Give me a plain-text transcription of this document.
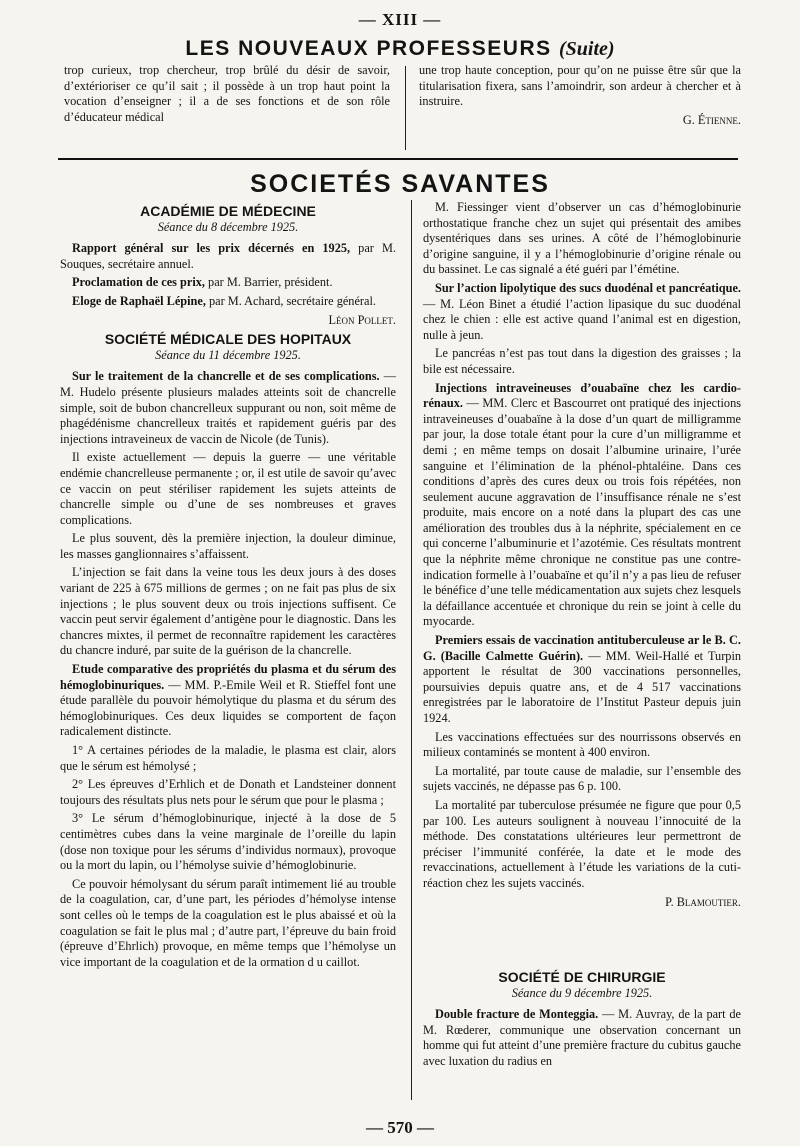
— XIII —
LES NOUVEAUX PROFESSEURS (Suite)

trop curieux, trop chercheur, trop brûlé du désir de savoir, d’extérioriser ce qu’il sait ; il possède à un trop haut point la vocation d’enseigner ; il a de ses fonctions et de son rôle d’éducateur médical

une trop haute conception, pour qu’on ne puisse être sûr que la titularisation fixera, sans l’amoindrir, son ardeur à chercher et à instruire.

G. Étienne.
SOCIETÉS SAVANTES
ACADÉMIE DE MÉDECINE
Séance du 8 décembre 1925.

Rapport général sur les prix décernés en 1925, par M. Souques, secrétaire annuel.

Proclamation de ces prix, par M. Barrier, président.

Eloge de Raphaël Lépine, par M. Achard, secrétaire général.

Léon Pollet.
SOCIÉTÉ MÉDICALE DES HOPITAUX
Séance du 11 décembre 1925.

Sur le traitement de la chancrelle et de ses complications. — M. Hudelo présente plusieurs malades atteints soit de chancrelle simple, soit de bubon chancrelleux suppurant ou non, soit même de phagédénisme chancrelleux traités et rapidement guéris par des injections intraveineux de vaccin de Nicole (de Tunis).

Il existe actuellement — depuis la guerre — une véritable endémie chancrelleuse permanente ; or, il est utile de savoir qu’avec ce vaccin on peut stériliser rapidement les sujets atteints de chancrelle simple ou d’une de ses nombreuses et graves complications.

Le plus souvent, dès la première injection, la douleur diminue, les masses ganglionnaires s’affaissent.

L’injection se fait dans la veine tous les deux jours à des doses variant de 225 à 675 millions de germes ; on ne fait pas plus de six injections ; le plus souvent deux ou trois injections suffisent. Ce vaccin peut servir également d’antigène pour le diagnostic. Dans les chancres mixtes, il permet de reconnaître rapidement les caractères du chancre induré, par suite de la guérison de la chancrelle.

Etude comparative des propriétés du plasma et du sérum des hémoglobinuriques. — MM. P.-Emile Weil et R. Stieffel font une étude parallèle du pouvoir hémolytique du plasma et du sérum des hémoglobinuriques. Ces deux liquides se comportent de façon radicalement distincte.

1° A certaines périodes de la maladie, le plasma est clair, alors que le sérum est hémolysé ;

2° Les épreuves d’Erhlich et de Donath et Landsteiner donnent toujours des résultats plus nets pour le sérum que pour le plasma ;

3° Le sérum d’hémoglobinurique, injecté à la dose de 5 centimètres cubes dans la veine marginale de l’oreille du lapin (dose non toxique pour les sérums d’individus normaux), provoque ou la mort du lapin, ou l’hémolyse suivie d’hémoglobinurie.

Ce pouvoir hémolysant du sérum paraît intimement lié au trouble de la coagulation, car, d’une part, les périodes d’hémolyse intense sont celles où le temps de la coagulation est le plus abaissé et où la coagulation se fait le plus mal ; d’autre part, l’épreuve du bain froid (épreuve d’Ehrlich) provoque, en même temps que l’hémolyse un vice important de la coagulation et de la ormation d u caillot.

M. Fiessinger vient d’observer un cas d’hémoglobinurie orthostatique franche chez un sujet qui présentait des amibes dysentériques dans ses urines. A côté de l’hémoglobinurie d’origine sanguine, il y a l’hémoglobinurie d’origine rénale ou du bassinet. Le cas signalé a été guéri par l’émétine.

Sur l’action lipolytique des sucs duodénal et pancréatique. — M. Léon Binet a étudié l’action lipasique du suc duodénal chez le chien : elle est active quand l’animal est en digestion, nulle à jeun.

Le pancréas n’est pas tout dans la digestion des graisses ; la bile est nécessaire.

Injections intraveineuses d’ouabaïne chez les cardio-rénaux. — MM. Clerc et Bascourret ont pratiqué des injections intraveineuses d’ouabaïne à la dose d’un quart de milligramme par jour, la dose totale étant pour la cure d’un milligramme et demi ; en même temps on dosait l’albumine urinaire, l’urée sanguine et l’élimination de la phénol-phtaléine. Dans ces conditions d’après des cures deux ou trois fois répétées, non seulement aucune aggravation de l’insuffisance rénale ne s’est produite, mais encore on a noté dans la plupart des cas une amélioration des troubles dus à la néphrite, spécialement en ce qui concerne l’albuminurie et l’azotémie. Ces résultats montrent que la néphrite même chronique ne constitue pas une contre-indication formelle à l’ouabaïne et qu’il n’y a pas lieu de refuser le bénéfice d’une telle médicamentation aux sujets chez lesquels la défaillance accentuée et chronique du rein se joint à celle du myocarde.

Premiers essais de vaccination antituberculeuse ar le B. C. G. (Bacille Calmette Guérin). — MM. Weil-Hallé et Turpin apportent le résultat de 300 vaccinations personnelles, poursuivies depuis quatre ans, et de 4 517 vaccinations enregistrées par le laboratoire de l’Institut Pasteur depuis juin 1924.

Les vaccinations effectuées sur des nourrissons observés en milieux contaminés se montent à 400 environ.

La mortalité, par toute cause de maladie, sur l’ensemble des sujets vaccinés, ne dépasse pas 6 p. 100.

La mortalité par tuberculose présumée ne figure que pour 0,5 par 100. Les auteurs soulignent à nouveau l’innocuité de la méthode. Des constatations ultérieures leur permettront de préciser l’immunité conférée, la date et le mode des revaccinations, actuellement à l’étude les variations de la cuti-réaction chez les sujets vaccinés.

P. Blamoutier.
SOCIÉTÉ DE CHIRURGIE
Séance du 9 décembre 1925.

Double fracture de Monteggia. — M. Auvray, de la part de M. Rœderer, communique une observation concernant un homme qui fut atteint d’une première fracture du cubitus gauche avec luxation du radius en

— 570 —
